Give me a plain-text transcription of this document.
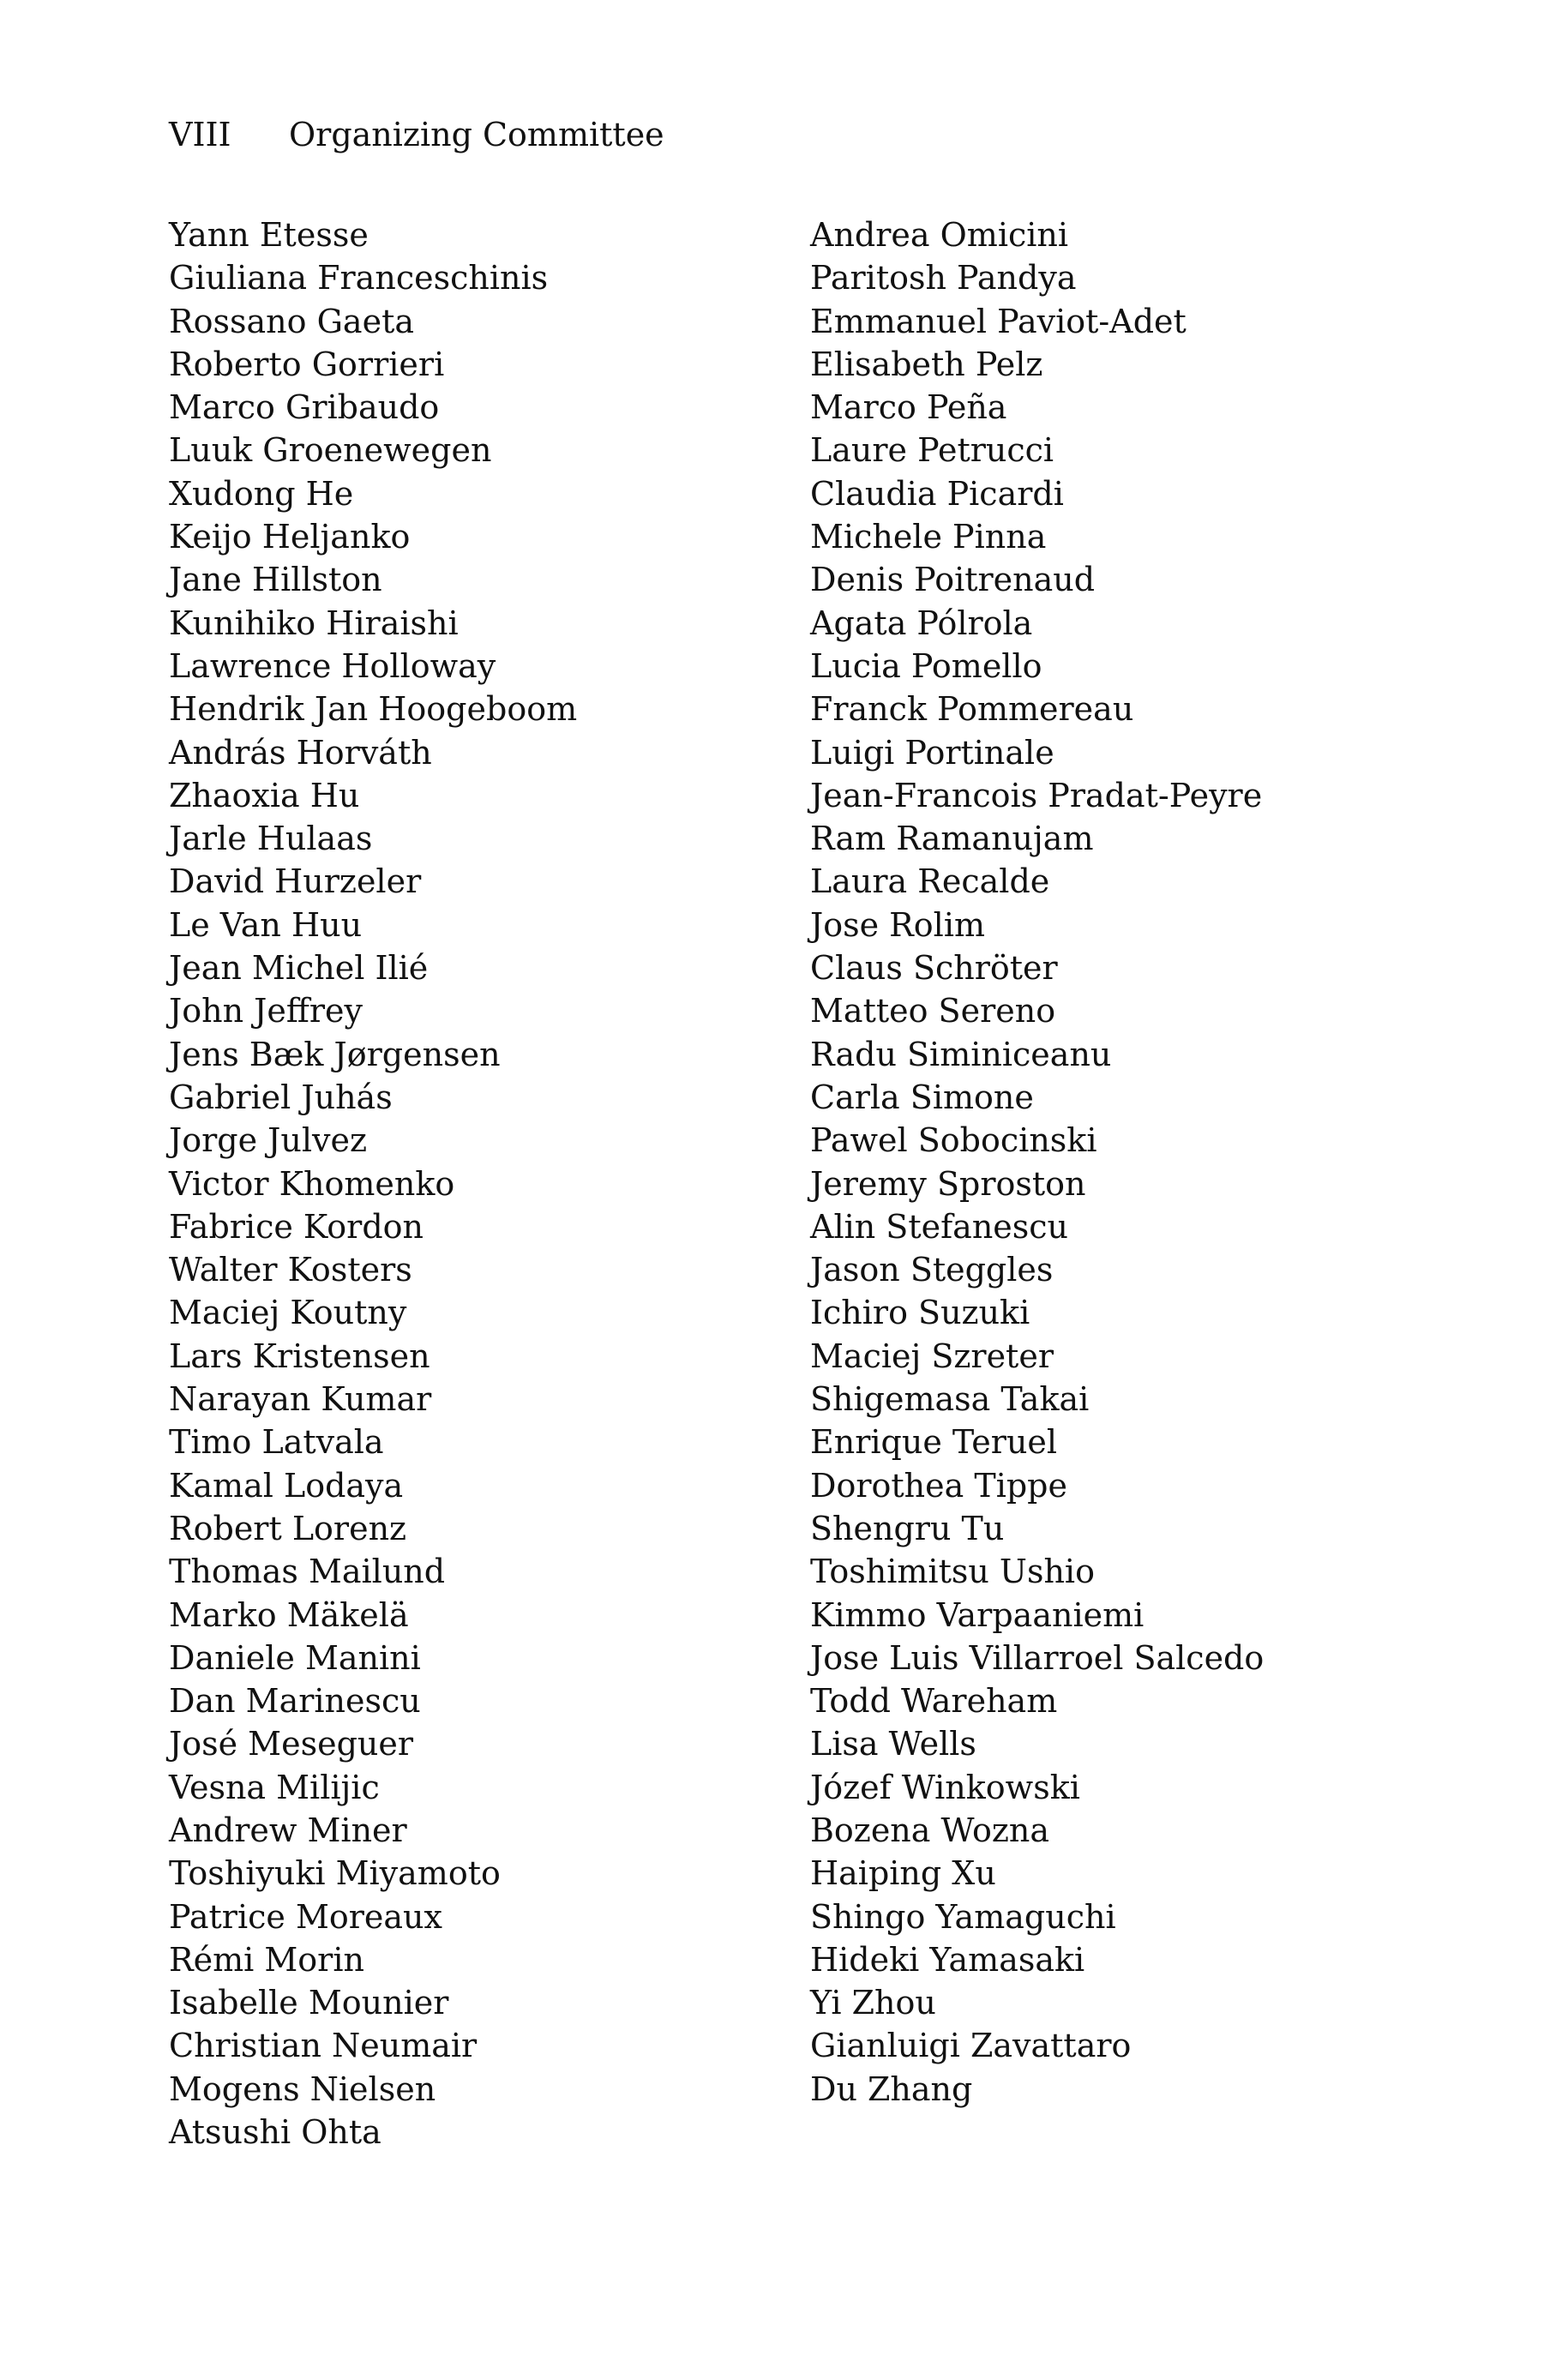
VIII Organizing Committee
Yann Etesse
Giuliana Franceschinis
Rossano Gaeta
Roberto Gorrieri
Marco Gribaudo
Luuk Groenewegen
Xudong He
Keijo Heljanko
Jane Hillston
Kunihiko Hiraishi
Lawrence Holloway
Hendrik Jan Hoogeboom
András Horváth
Zhaoxia Hu
Jarle Hulaas
David Hurzeler
Le Van Huu
Jean Michel Ilié
John Jeffrey
Jens Bæk Jørgensen
Gabriel Juhás
Jorge Julvez
Victor Khomenko
Fabrice Kordon
Walter Kosters
Maciej Koutny
Lars Kristensen
Narayan Kumar
Timo Latvala
Kamal Lodaya
Robert Lorenz
Thomas Mailund
Marko Mäkelä
Daniele Manini
Dan Marinescu
José Meseguer
Vesna Milijic
Andrew Miner
Toshiyuki Miyamoto
Patrice Moreaux
Rémi Morin
Isabelle Mounier
Christian Neumair
Mogens Nielsen
Atsushi Ohta
Andrea Omicini
Paritosh Pandya
Emmanuel Paviot-Adet
Elisabeth Pelz
Marco Peña
Laure Petrucci
Claudia Picardi
Michele Pinna
Denis Poitrenaud
Agata Pólrola
Lucia Pomello
Franck Pommereau
Luigi Portinale
Jean-Francois Pradat-Peyre
Ram Ramanujam
Laura Recalde
Jose Rolim
Claus Schröter
Matteo Sereno
Radu Siminiceanu
Carla Simone
Pawel Sobocinski
Jeremy Sproston
Alin Stefanescu
Jason Steggles
Ichiro Suzuki
Maciej Szreter
Shigemasa Takai
Enrique Teruel
Dorothea Tippe
Shengru Tu
Toshimitsu Ushio
Kimmo Varpaaniemi
Jose Luis Villarroel Salcedo
Todd Wareham
Lisa Wells
Józef Winkowski
Bozena Wozna
Haiping Xu
Shingo Yamaguchi
Hideki Yamasaki
Yi Zhou
Gianluigi Zavattaro
Du Zhang
